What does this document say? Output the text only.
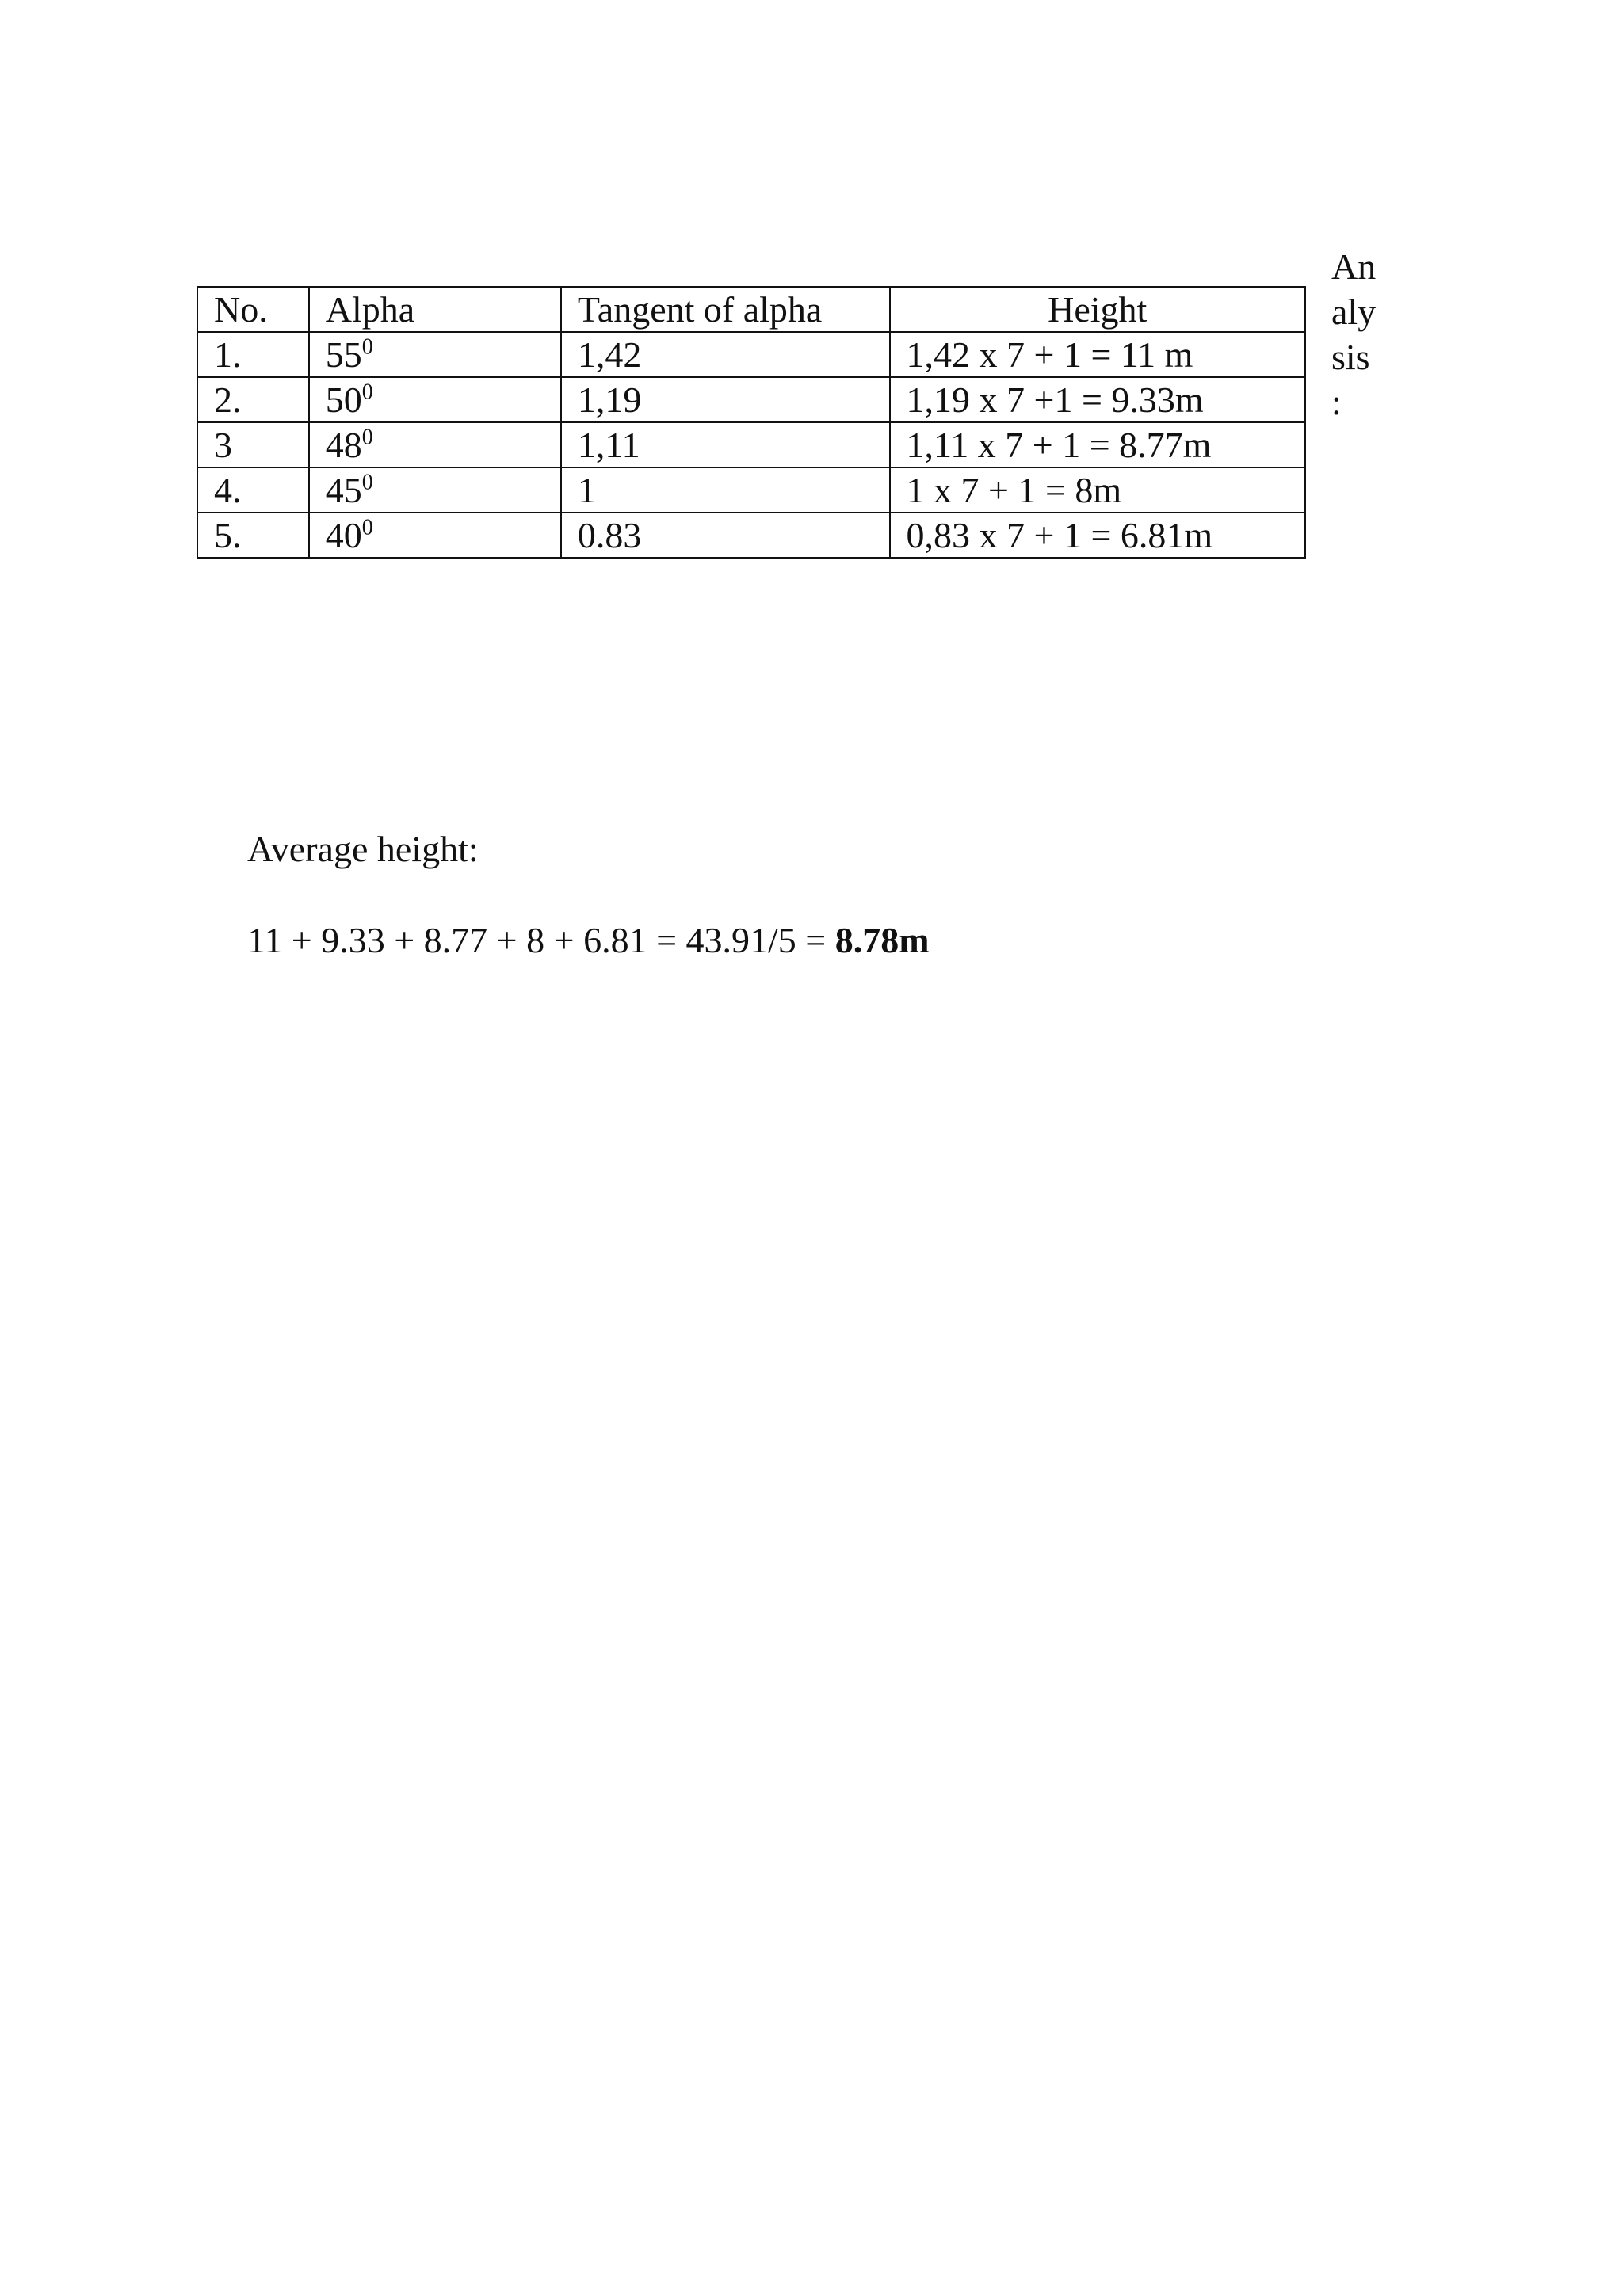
No.	Alpha	Tangent of alpha	Height
1.	$55^0$	1,42	1,42 x 7 + 1 = 11 m
2.	$50^0$	1,19	1,19 x 7 +1 = 9.33m
3	$48^0$	1,11	1,11 x 7 + 1 = 8.77m
4.	$45^0$	1	1 x 7 + 1 = 8m
5.	$40^0$	0.83	0,83 x 7 + 1 = 6.81m
An
aly
sis
:
Average height:
11 + 9.33 + 8.77 + 8 + 6.81 = 43.91/5 = 8.78m
